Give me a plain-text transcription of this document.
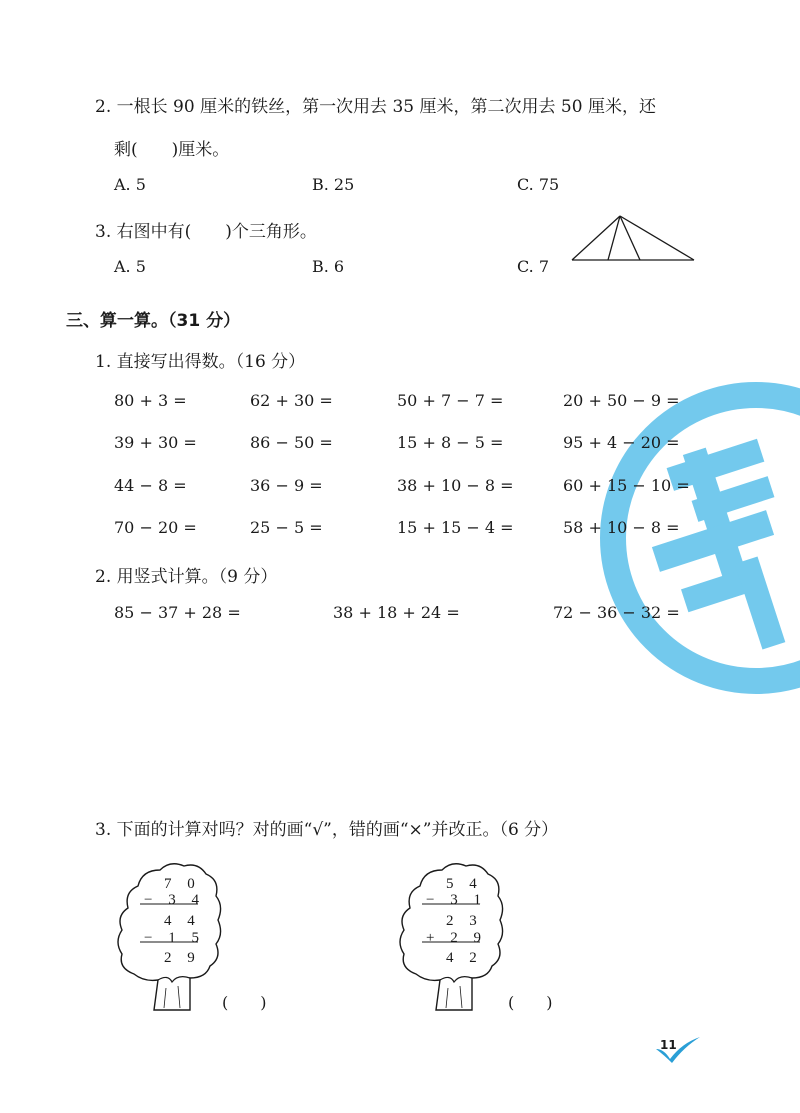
2. 一根长 90 厘米的铁丝，第一次用去 35 厘米，第二次用去 50 厘米，还
剩(　　)厘米。
A. 5	B. 25	C. 75
3. 右图中有(　　)个三角形。
A. 5	B. 6	C. 7
三、算一算。（31 分）
1. 直接写出得数。（16 分）
80 + 3 =	62 + 30 =	50 + 7 − 7 =	20 + 50 − 9 =
39 + 30 =	86 − 50 =	15 + 8 − 5 =	95 + 4 − 20 =
44 − 8 =	36 − 9 =	38 + 10 − 8 =	60 + 15 − 10 =
70 − 20 =	25 − 5 =	15 + 15 − 4 =	58 + 10 − 8 =
2. 用竖式计算。（9 分）
85 − 37 + 28 =	38 + 18 + 24 =	72 − 36 − 32 =
3. 下面的计算对吗？对的画“√”，错的画“×”并改正。（6 分）
7 0
− 3 4
4 4
− 1 5
2 9
(　　)
5 4
− 3 1
2 3
+ 2 9
4 2
(　　)
11
